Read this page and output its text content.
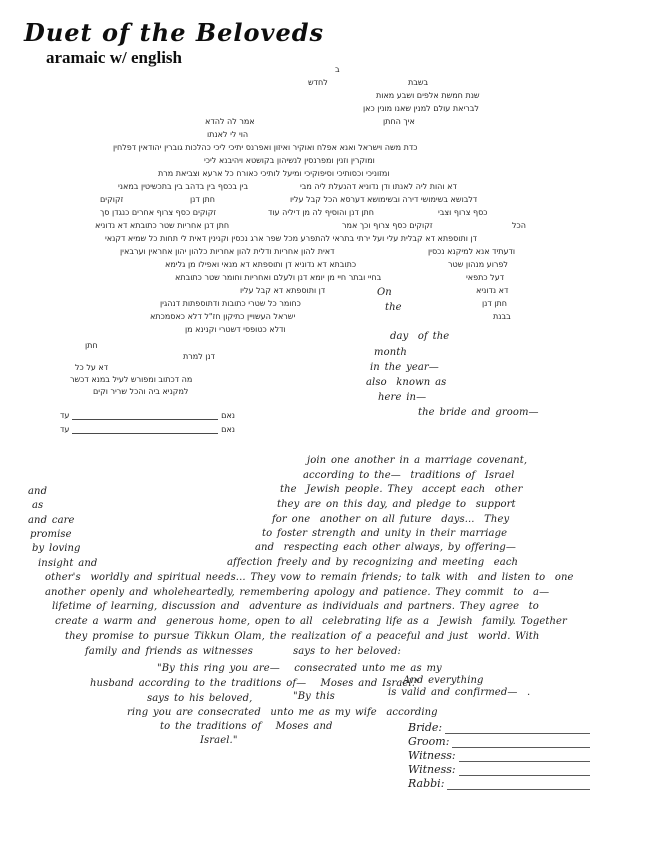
Duet of the Beloveds
aramaic w/ english
ב
בשבת
לחדש
שנת חמשת אלפים ושבע מאות
לבריאת עולם למנין שאנו מונין כאן
איך החתן
אמר לה להדא
הוי לי לאנתו
כדת משה וישראל ואנא אפלח ואוקיר ואיזון ואפרנס יתיכי ליכי כהלכות גוברין יהודאין דפלחין
ומוקרין וזנין ומפרנסין לנשיהון בקושטא ויהיבנא ליכי
ומזוניכי וכסותיכי וסיפוקיכי ומיעל לותיכי כאורח כל ארעא וצביאת מרת
דא והות ליה לאנתו ודן נדוניא דהנעלת ליה מבי
בין בכסף בין בדהב בין בתכשיטין במאני
דלבושא בשימושי דירה ובשימושא דערסא הכל קבל עליו
חתן דנן
זקוקים
כסף צרוף וצבי
חתן דנן והוסיף לה מן דיליה עוד
זקוקים כסף צרוף אחרים כנגדן סך
הכל
זקוקים כסף צרוף וכך אמר
חתן דנן אחריות שטר כתובתא דא נדוניא
דן ותוספתא דא קבלית עלי ועל ירתי בתראי להתפרע מכל שפר ארג נכסין וקנינין דאית לי תחות כל שמיא דקנאי
ודעתיד אנא למיקנא נכסין
דאית להון אחריות ודלית להון אחריות כלהון יהון אחראין וערבאין
לפרוע מנהון שטר
כתובתא דא נדוניא דן ותוספתא דא מנאי ואפילו מן גלימא
דעל כתפאי
בחיי ובתר חיי מן יומא דנן ולעלם ואחריות וחומר שטר כתובתא
דא נדוניא
דן ותוספתא דא קבל עליו
חתן דנן
כחומר כל שטרי כתובות ודתוספתות דנהגין
בבנת
ישראל העשויין כתיקון חז"ל דלא כאסמכתא
ודלא כטופסי דשטרי וקנינא מן
חתן
דנן למרת
דא על כל
מה דכתוב ומפורש לעיל במנא דכשר
למקניא ביה והכל שריר וקים
On
the
day  of the
month
in the year—
also  known as
here in—
the bride and groom—
join one another in a marriage covenant,
according to the—  traditions of  Israel
and	the  Jewish people. They  accept each  other
as	they are on this day, and pledge to  support
and care	for one  another on all future  days...  They
promise	to foster strength and unity in their marriage
by loving	and  respecting each other always, by offering—
insight and	affection freely and by recognizing and meeting  each
other's  worldly and spiritual needs... They vow to remain friends; to talk with  and listen to  one
another openly and wholeheartedly, remembering apology and patience. They commit  to  a—
lifetime of learning, discussion and  adventure as individuals and partners. They agree  to
create a warm and  generous home, open to all  celebrating life as a  Jewish  family. Together
they promise to pursue Tikkun Olam, the realization of a peaceful and just  world. With
family and friends as witnesses	says to her beloved:
"By this ring you are—   consecrated unto me as my
husband according to the traditions of—   Moses and Israel."
And everything
is valid and confirmed—  .
says to his beloved,	"By this
ring you are consecrated  unto me as my wife  according
to the traditions of   Moses and
Israel."
נאם
עד
נאם
עד
Bride:
Groom:
Witness:
Witness:
Rabbi:
